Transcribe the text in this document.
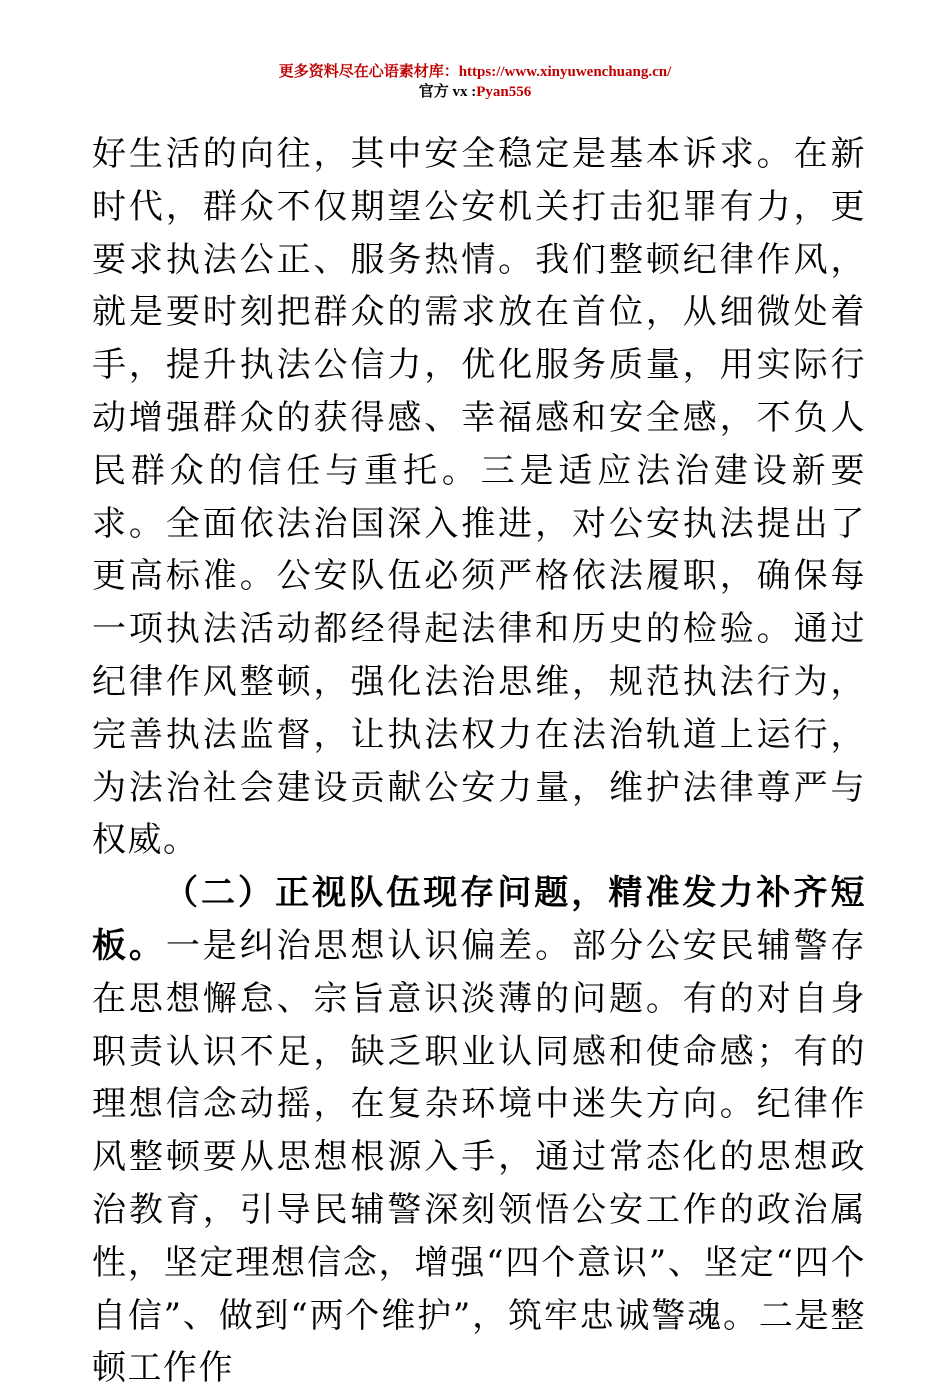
更多资料尽在心语素材库：https://www.xinyuwenchuang.cn/
官方 vx :Pyan556

好生活的向往，其中安全稳定是基本诉求。在新时代，群众不仅期望公安机关打击犯罪有力，更要求执法公正、服务热情。我们整顿纪律作风，就是要时刻把群众的需求放在首位，从细微处着手，提升执法公信力，优化服务质量，用实际行动增强群众的获得感、幸福感和安全感，不负人民群众的信任与重托。三是适应法治建设新要求。全面依法治国深入推进，对公安执法提出了更高标准。公安队伍必须严格依法履职，确保每一项执法活动都经得起法律和历史的检验。通过纪律作风整顿，强化法治思维，规范执法行为，完善执法监督，让执法权力在法治轨道上运行，为法治社会建设贡献公安力量，维护法律尊严与权威。

（二）正视队伍现存问题，精准发力补齐短板。一是纠治思想认识偏差。部分公安民辅警存在思想懈怠、宗旨意识淡薄的问题。有的对自身职责认识不足，缺乏职业认同感和使命感；有的理想信念动摇，在复杂环境中迷失方向。纪律作风整顿要从思想根源入手，通过常态化的思想政治教育，引导民辅警深刻领悟公安工作的政治属性，坚定理想信念，增强“四个意识”、坚定“四个自信”、做到“两个维护”，筑牢忠诚警魂。二是整顿工作作
